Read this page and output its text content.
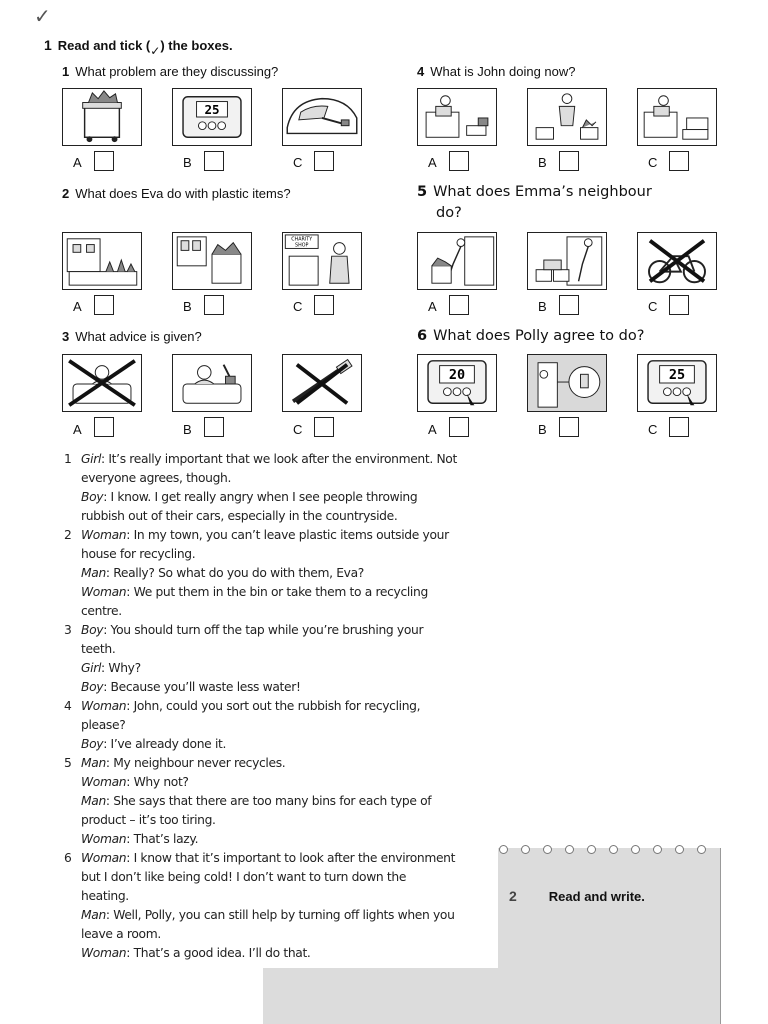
✓
1 Read and tick (✓) the boxes.
1 What problem are they discussing?
2 What does Eva do with plastic items?
3 What advice is given?
4 What is John doing now?
5 What does Emma’s neighbour
do?
6 What does Polly agree to do?
25
A	B	C	A	B	C
CHARITY
SHOP
A	B	C	A	B	C
20	25
A	B	C	A	B	C
2 Read and write.
1 Girl: It’s really important that we look after the environment. Not
everyone agrees, though.
Boy: I know. I get really angry when I see people throwing
rubbish out of their cars, especially in the countryside.
2 Woman: In my town, you can’t leave plastic items outside your
house for recycling.
Man: Really? So what do you do with them, Eva?
Woman: We put them in the bin or take them to a recycling
centre.
3 Boy: You should turn off the tap while you’re brushing your
teeth.
Girl: Why?
Boy: Because you’ll waste less water!
4 Woman: John, could you sort out the rubbish for recycling,
please?
Boy: I’ve already done it.
5 Man: My neighbour never recycles.
Woman: Why not?
Man: She says that there are too many bins for each type of
product – it’s too tiring.
Woman: That’s lazy.
6 Woman: I know that it’s important to look after the environment
but I don’t like being cold! I don’t want to turn down the
heating.
Man: Well, Polly, you can still help by turning off lights when you
leave a room.
Woman: That’s a good idea. I’ll do that.
